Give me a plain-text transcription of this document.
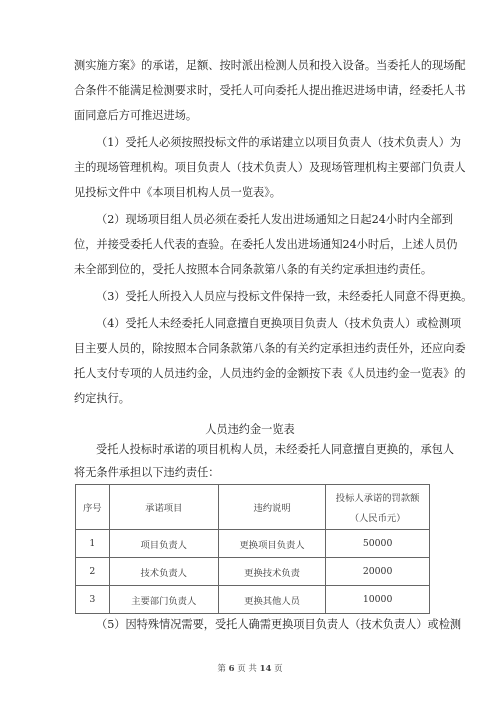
测实施方案》的承诺，足额、按时派出检测人员和投入设备。当委托人的现场配
合条件不能满足检测要求时，受托人可向委托人提出推迟进场申请，经委托人书
面同意后方可推迟进场。
（1）受托人必须按照投标文件的承诺建立以项目负责人（技术负责人）为
主的现场管理机构。项目负责人（技术负责人）及现场管理机构主要部门负责人
见投标文件中《本项目机构人员一览表》。
（2）现场项目组人员必须在委托人发出进场通知之日起24小时内全部到
位，并接受委托人代表的查验。在委托人发出进场通知24小时后，上述人员仍
未全部到位的，受托人按照本合同条款第八条的有关约定承担违约责任。
（3）受托人所投入人员应与投标文件保持一致，未经委托人同意不得更换。
（4）受托人未经委托人同意擅自更换项目负责人（技术负责人）或检测项
目主要人员的，除按照本合同条款第八条的有关约定承担违约责任外，还应向委
托人支付专项的人员违约金，人员违约金的金额按下表《人员违约金一览表》的
约定执行。
人员违约金一览表
受托人投标时承诺的项目机构人员，未经委托人同意擅自更换的，承包人
将无条件承担以下违约责任：
序号	承诺项目	违约说明	投标人承诺的罚款额
（人民币元）

1	项目负责人	更换项目负责人	50000
2	技术负责人	更换技术负责	20000
3	主要部门负责人	更换其他人员	10000
（5）因特殊情况需要，受托人确需更换项目负责人（技术负责人）或检测
第 6 页 共 14 页
